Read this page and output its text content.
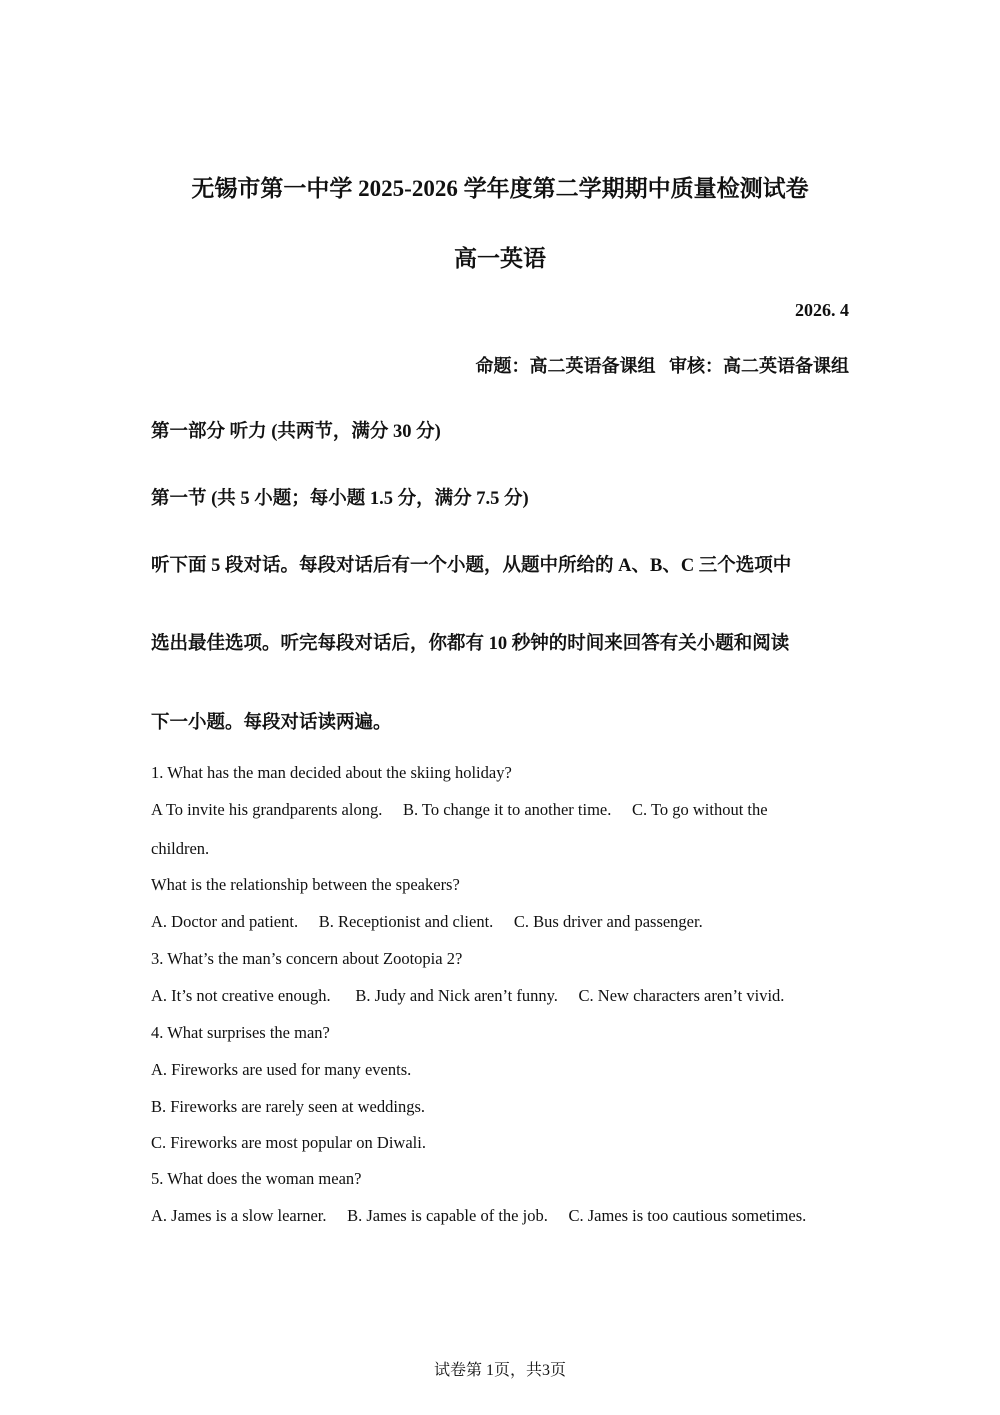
无锡市第一中学 2025-2026 学年度第二学期期中质量检测试卷
高一英语
2026. 4
命题：高二英语备课组   审核：高二英语备课组
第一部分 听力 (共两节，满分 30 分)
第一节 (共 5 小题；每小题 1.5 分，满分 7.5 分)
听下面 5 段对话。每段对话后有一个小题，从题中所给的 A、B、C 三个选项中
选出最佳选项。听完每段对话后，你都有 10 秒钟的时间来回答有关小题和阅读
下一小题。每段对话读两遍。
1. What has the man decided about the skiing holiday?
A To invite his grandparents along.     B. To change it to another time.     C. To go without the
children.
What is the relationship between the speakers?
A. Doctor and patient.     B. Receptionist and client.     C. Bus driver and passenger.
3. What’s the man’s concern about Zootopia 2?
A. It’s not creative enough.      B. Judy and Nick aren’t funny.     C. New characters aren’t vivid.
4. What surprises the man?
A. Fireworks are used for many events.
B. Fireworks are rarely seen at weddings.
C. Fireworks are most popular on Diwali.
5. What does the woman mean?
A. James is a slow learner.     B. James is capable of the job.     C. James is too cautious sometimes.
试卷第 1页，共3页
